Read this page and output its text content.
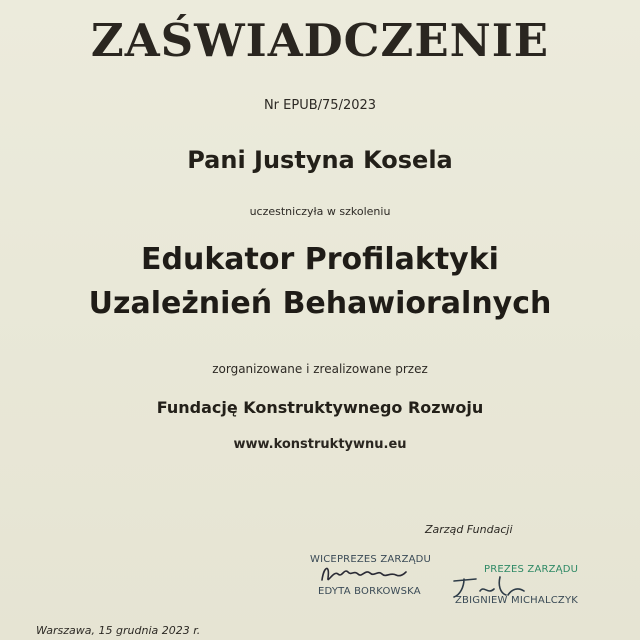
ZAŚWIADCZENIE
Nr EPUB/75/2023
Pani Justyna Kosela
uczestniczyła w szkoleniu
Edukator Profilaktyki
Uzależnień Behawioralnych
zorganizowane i zrealizowane przez
Fundację Konstruktywnego Rozwoju
www.konstruktywnu.eu
Zarząd Fundacji
WICEPREZES ZARZĄDU
EDYTA BORKOWSKA
PREZES ZARZĄDU
ZBIGNIEW MICHALCZYK
Warszawa, 15 grudnia 2023 r.
